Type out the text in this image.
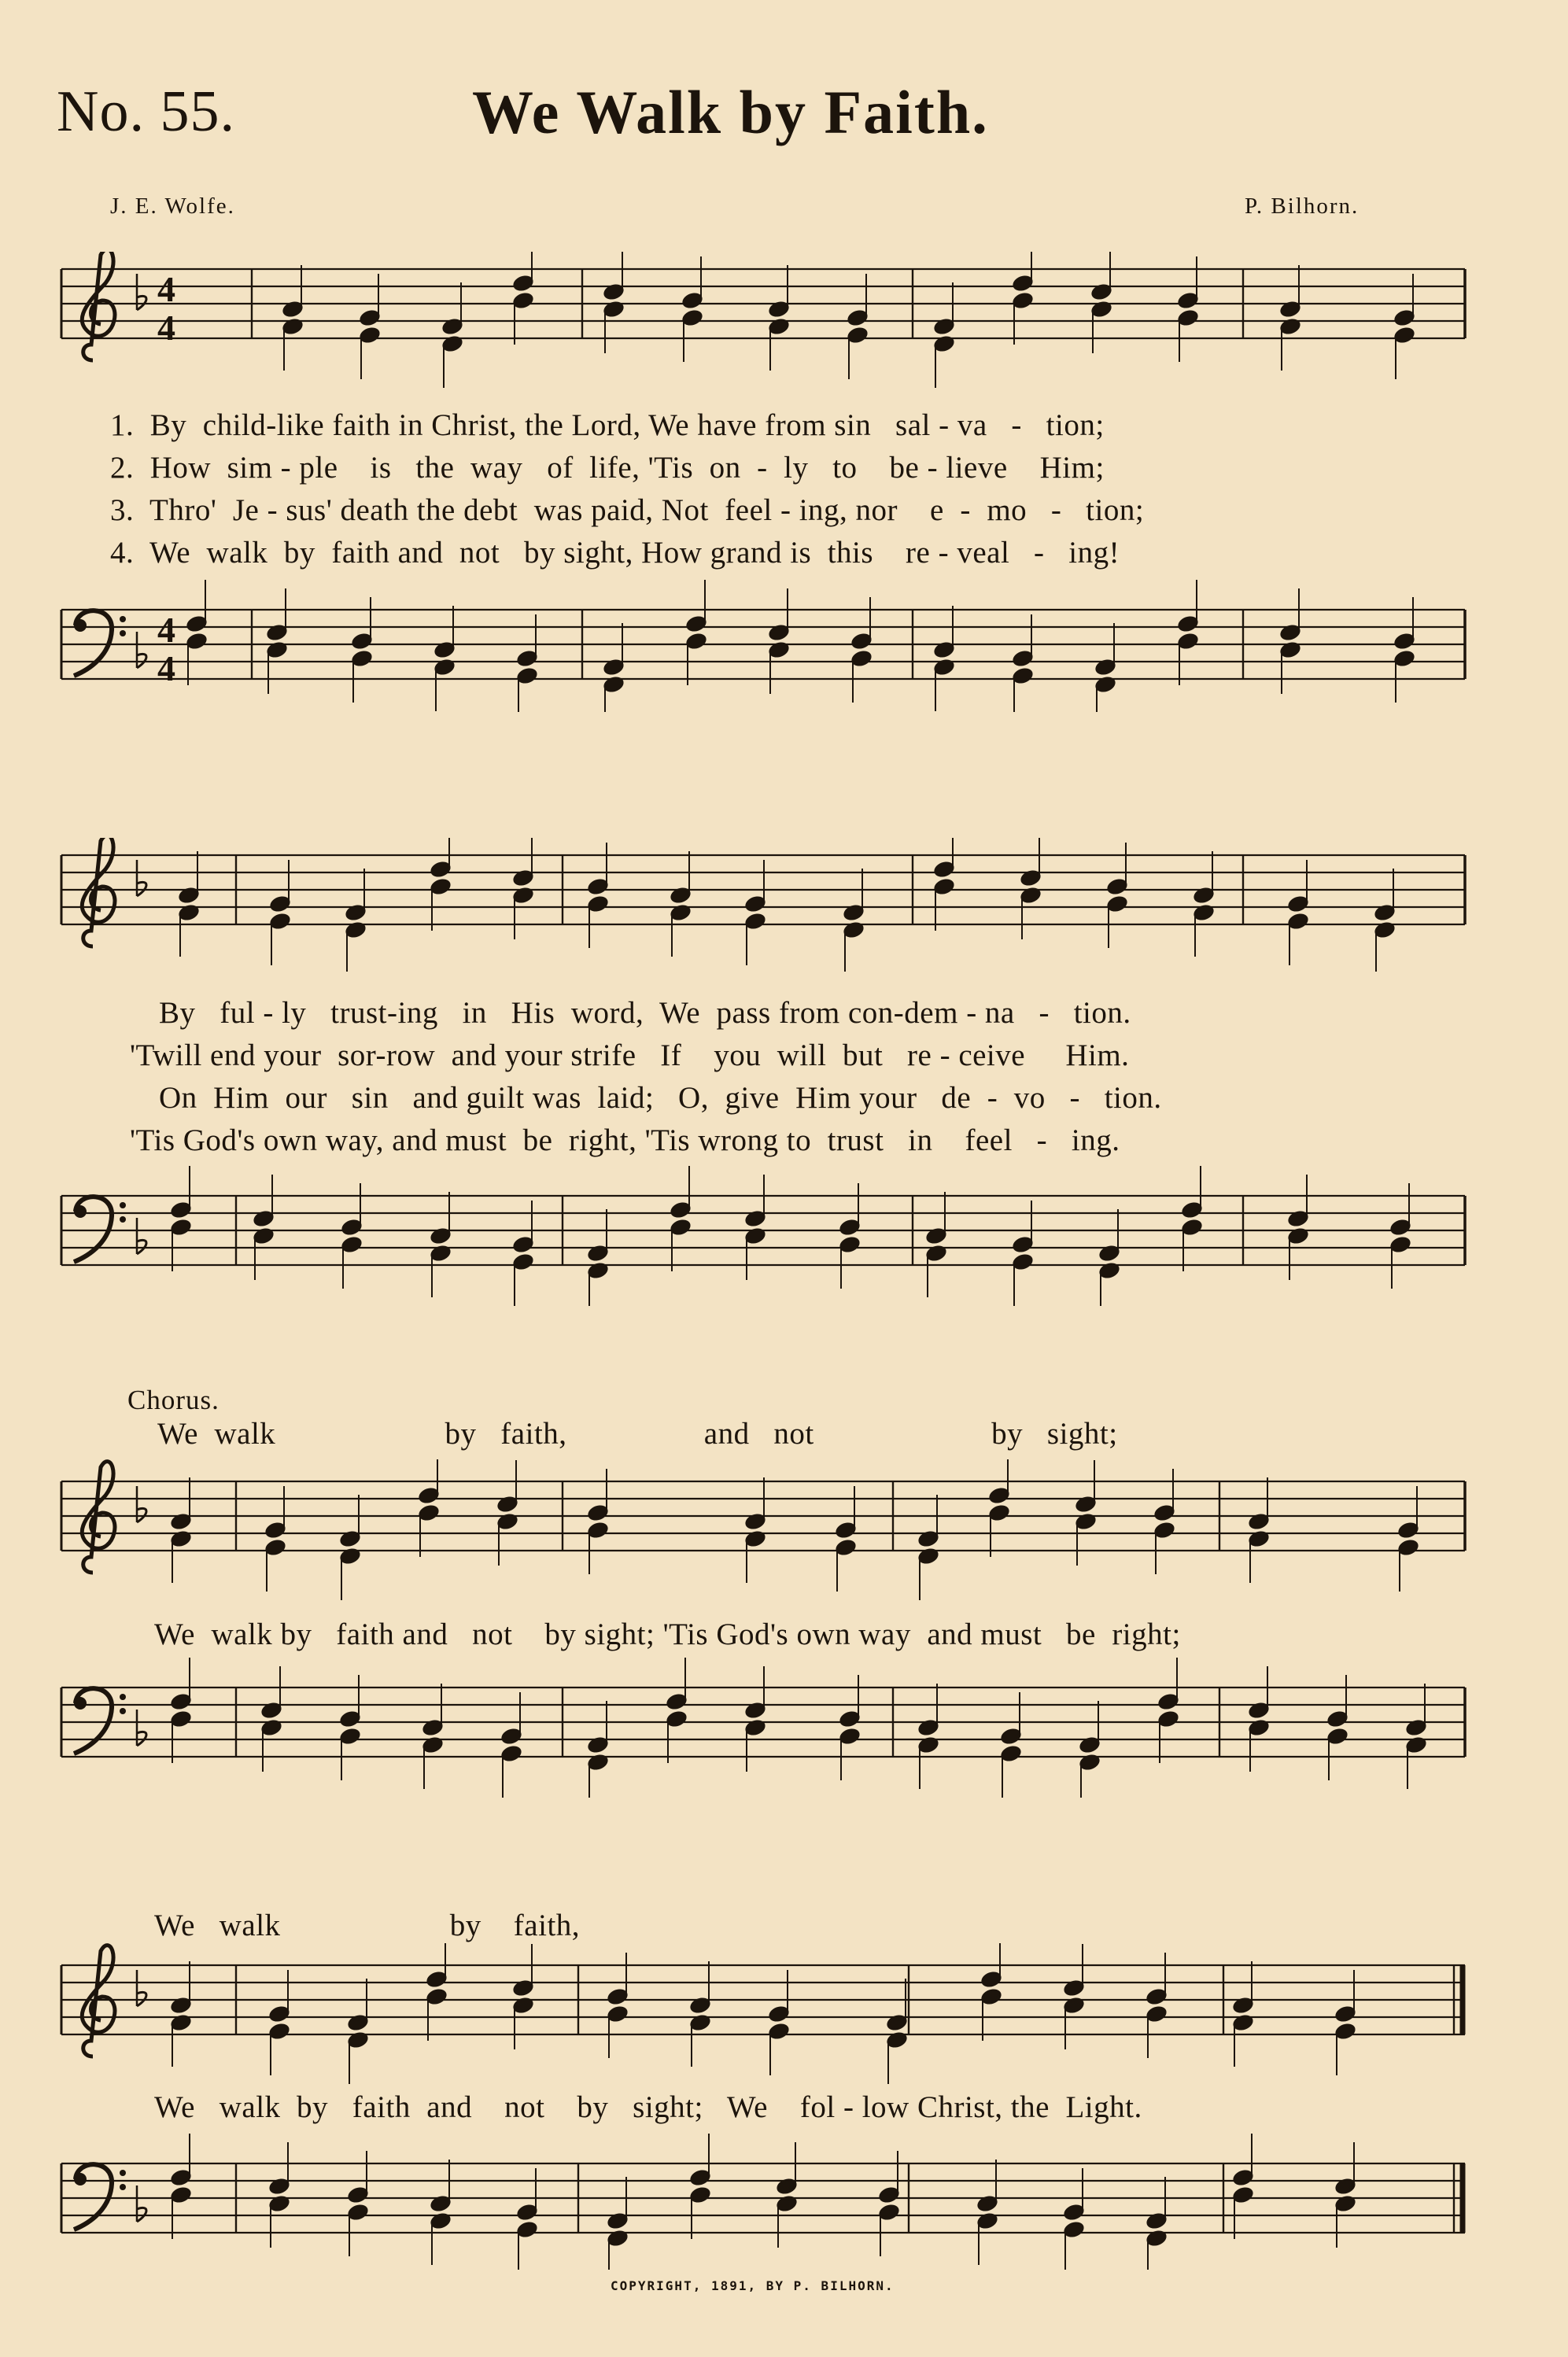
No. 55.	We Walk by Faith.
J. E. Wolfe.	P. Bilhorn.
4
4
1.  By  child-like faith in Christ, the Lord, We have from sin   sal - va   -   tion;
2.  How  sim - ple    is   the  way   of  life, 'Tis  on  -  ly   to    be - lieve    Him;
3.  Thro'  Je - sus' death the debt  was paid, Not  feel - ing, nor    e  -  mo   -   tion;
4.  We  walk  by  faith and  not   by sight, How grand is  this    re - veal   -   ing!
4
4
By   ful - ly   trust-ing   in   His  word,  We  pass from con-dem - na   -   tion.
'Twill end your  sor-row  and your strife   If    you  will  but   re - ceive     Him.
On  Him  our   sin   and guilt was  laid;   O,  give  Him your   de  -  vo   -   tion.
'Tis God's own way, and must  be  right, 'Tis wrong to  trust   in    feel   -   ing.
Chorus.
We  walk                     by   faith,                 and   not                      by   sight;
We  walk by   faith and   not    by sight; 'Tis God's own way  and must   be  right;
We   walk                     by    faith,
We   walk  by   faith  and    not    by   sight;   We    fol - low Christ, the  Light.
COPYRIGHT, 1891, BY P. BILHORN.
